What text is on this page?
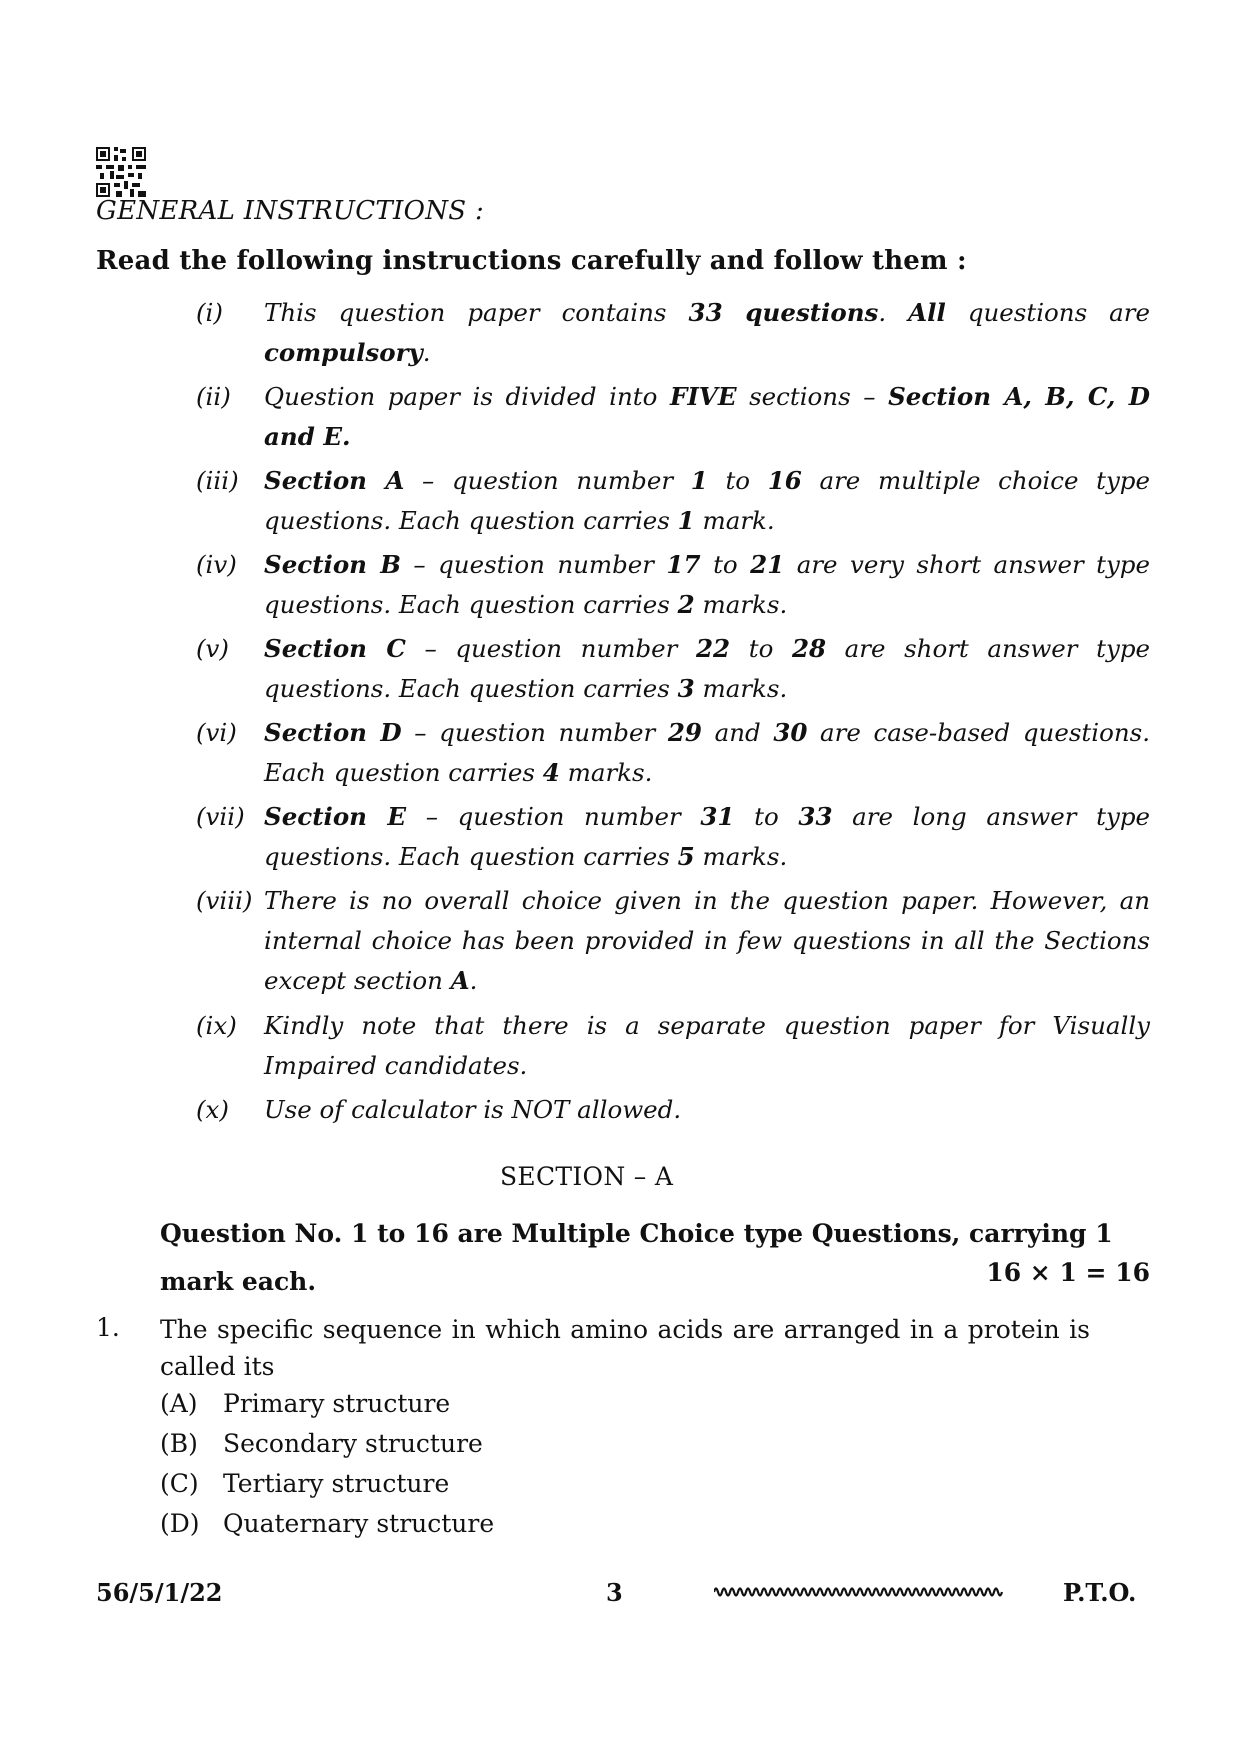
GENERAL INSTRUCTIONS :
Read the following instructions carefully and follow them :
(i) This question paper contains 33 questions. All questions are compulsory.
(ii) Question paper is divided into FIVE sections – Section A, B, C, D and E.
(iii) Section A – question number 1 to 16 are multiple choice type questions. Each question carries 1 mark.
(iv) Section B – question number 17 to 21 are very short answer type questions. Each question carries 2 marks.
(v) Section C – question number 22 to 28 are short answer type questions. Each question carries 3 marks.
(vi) Section D – question number 29 and 30 are case-based questions. Each question carries 4 marks.
(vii) Section E – question number 31 to 33 are long answer type questions. Each question carries 5 marks.
(viii) There is no overall choice given in the question paper. However, an internal choice has been provided in few questions in all the Sections except section A.
(ix) Kindly note that there is a separate question paper for Visually Impaired candidates.
(x) Use of calculator is NOT allowed.
SECTION – A
Question No. 1 to 16 are Multiple Choice type Questions, carrying 1 mark each.	16 × 1 = 16
1. The specific sequence in which amino acids are arranged in a protein is called its
(A) Primary structure
(B) Secondary structure
(C) Tertiary structure
(D) Quaternary structure
56/5/1/22	3	P.T.O.
